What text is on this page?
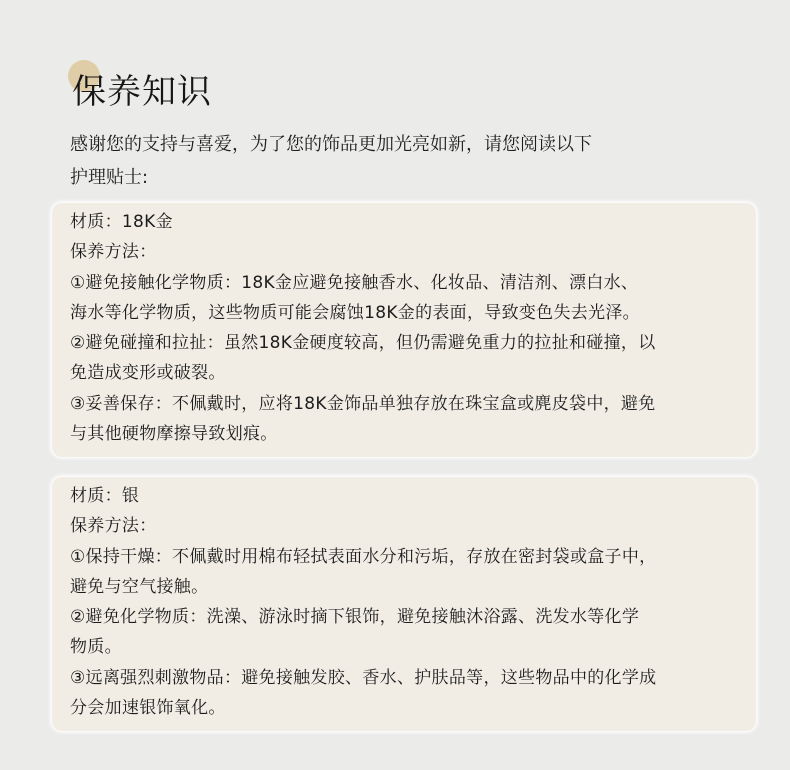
保养知识
感谢您的支持与喜爱，为了您的饰品更加光亮如新，请您阅读以下
护理贴士:
材质：18K金
保养方法：
①避免接触化学物质：18K金应避免接触香水、化妆品、清洁剂、漂白水、
海水等化学物质，这些物质可能会腐蚀18K金的表面，导致变色失去光泽。
②避免碰撞和拉扯：虽然18K金硬度较高，但仍需避免重力的拉扯和碰撞，以
免造成变形或破裂。
③妥善保存：不佩戴时，应将18K金饰品单独存放在珠宝盒或麂皮袋中，避免
与其他硬物摩擦导致划痕。
材质：银
保养方法：
①保持干燥：不佩戴时用棉布轻拭表面水分和污垢，存放在密封袋或盒子中，
避免与空气接触。
②避免化学物质：洗澡、游泳时摘下银饰，避免接触沐浴露、洗发水等化学
物质。
③远离强烈刺激物品：避免接触发胶、香水、护肤品等，这些物品中的化学成
分会加速银饰氧化。
